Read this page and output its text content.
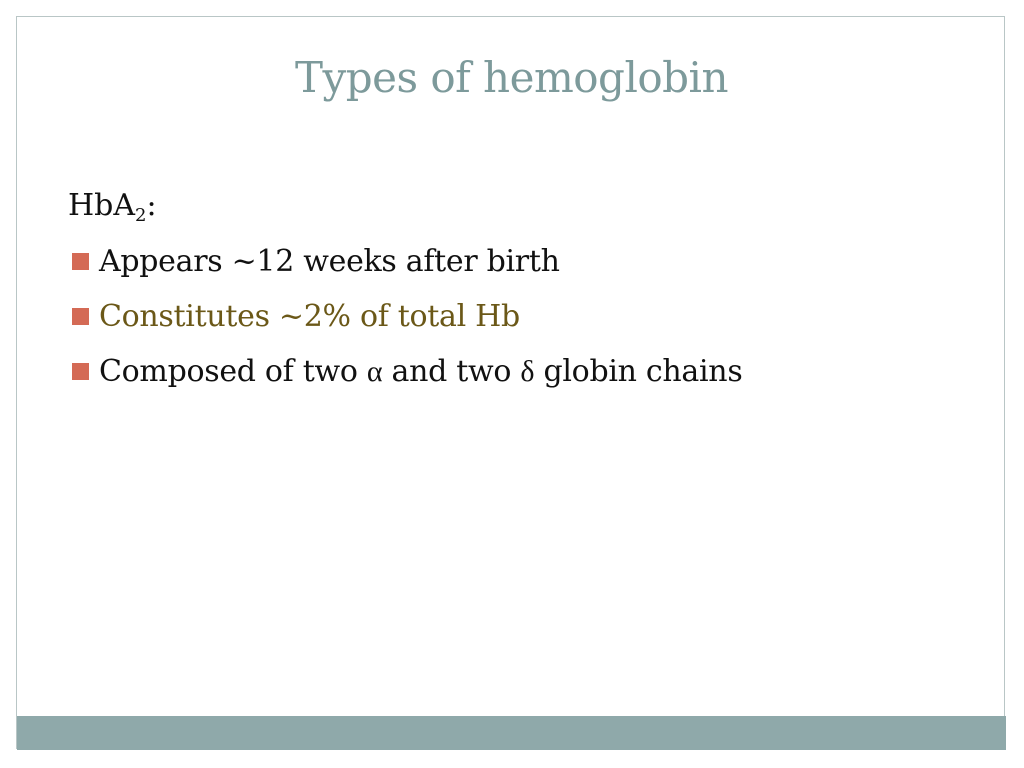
Types of hemoglobin
HbA$_2$:
Appears ~12 weeks after birth
Constitutes ~2% of total Hb
Composed of two α and two δ globin chains
